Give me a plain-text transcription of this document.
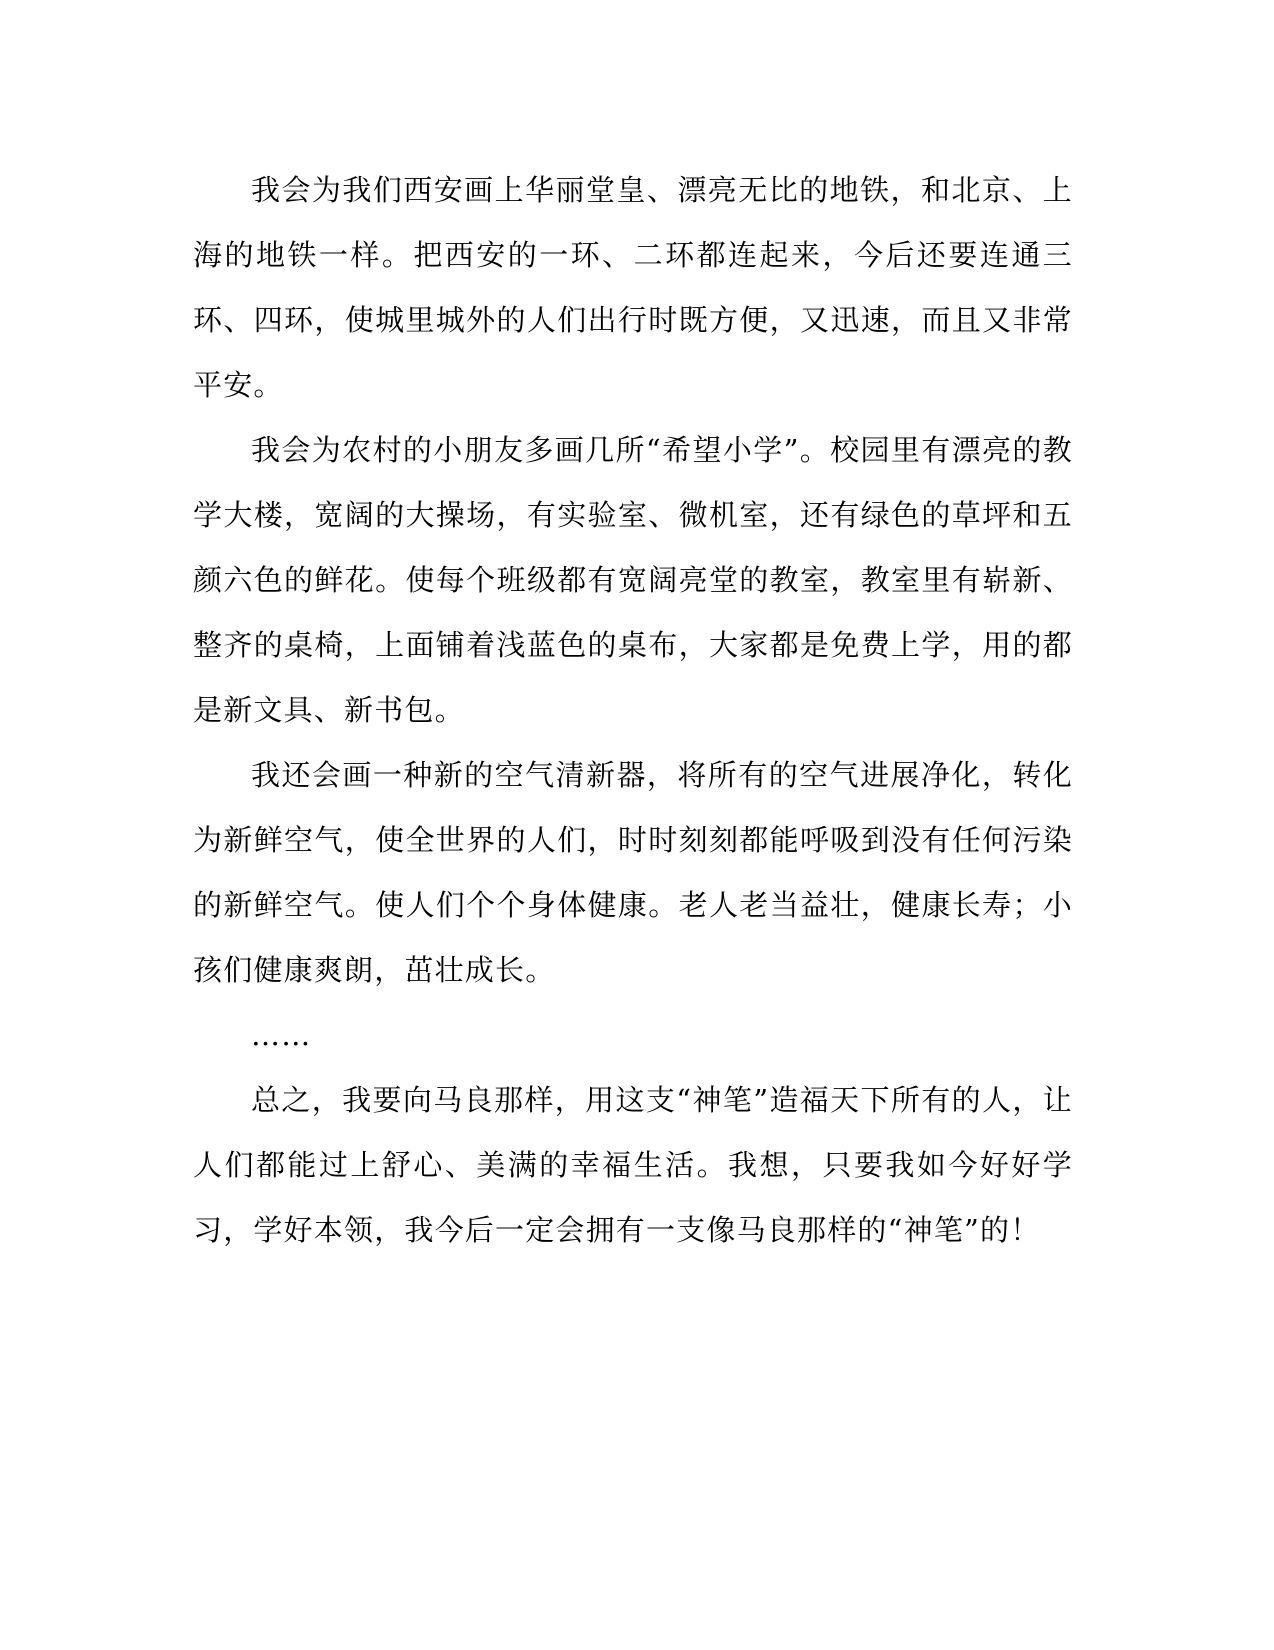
我会为我们西安画上华丽堂皇、漂亮无比的地铁，和北京、上海的地铁一样。把西安的一环、二环都连起来，今后还要连通三环、四环，使城里城外的人们出行时既方便，又迅速，而且又非常平安。

我会为农村的小朋友多画几所“希望小学”。校园里有漂亮的教学大楼，宽阔的大操场，有实验室、微机室，还有绿色的草坪和五颜六色的鲜花。使每个班级都有宽阔亮堂的教室，教室里有崭新、整齐的桌椅，上面铺着浅蓝色的桌布，大家都是免费上学，用的都是新文具、新书包。

我还会画一种新的空气清新器，将所有的空气进展净化，转化为新鲜空气，使全世界的人们，时时刻刻都能呼吸到没有任何污染的新鲜空气。使人们个个身体健康。老人老当益壮，健康长寿；小孩们健康爽朗，茁壮成长。

……

总之，我要向马良那样，用这支“神笔”造福天下所有的人，让人们都能过上舒心、美满的幸福生活。我想，只要我如今好好学习，学好本领，我今后一定会拥有一支像马良那样的“神笔”的！
